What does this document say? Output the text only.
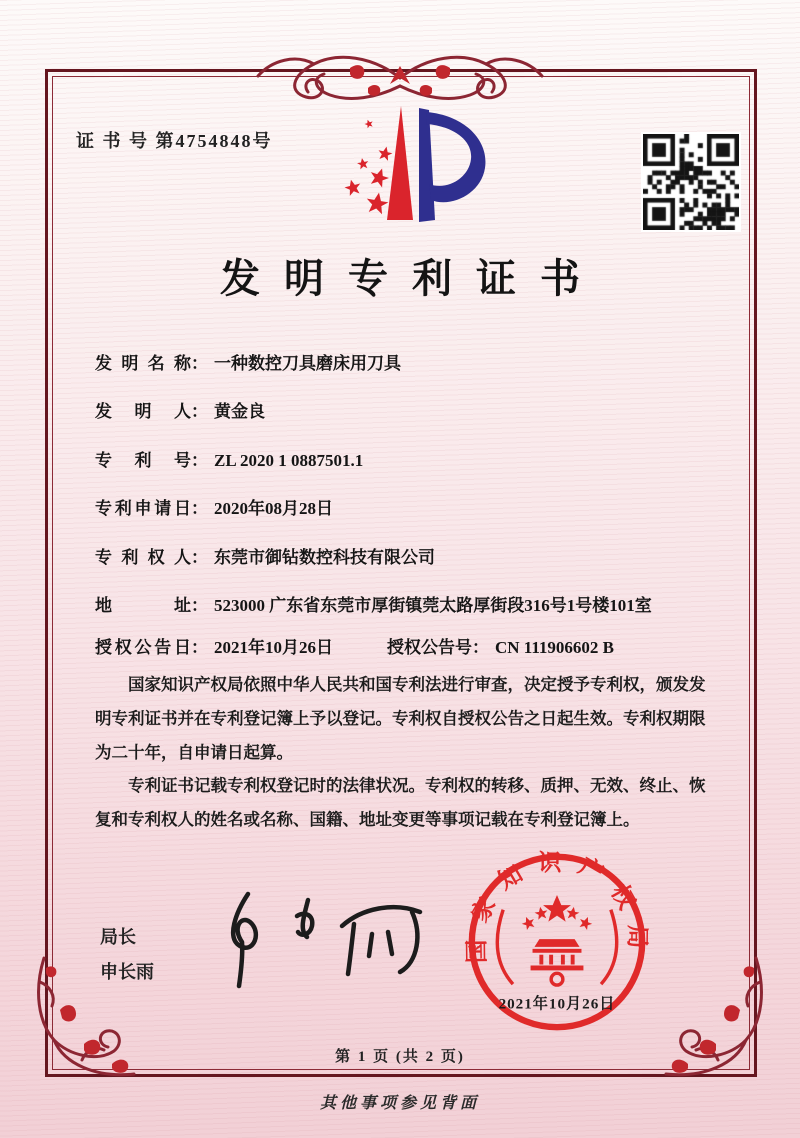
证 书 号 第4754848号
发明专利证书
发明名称 ： 一种数控刀具磨床用刀具
发明人 ： 黄金良
专利号 ： ZL 2020 1 0887501.1
专利申请日 ： 2020年08月28日
专利权人 ： 东莞市御钻数控科技有限公司
地址 ： 523000 广东省东莞市厚街镇莞太路厚街段316号1号楼101室
授权公告日 ： 2021年10月26日	授权公告号 ： CN 111906602 B

国家知识产权局依照中华人民共和国专利法进行审查，决定授予专利权，颁发发明专利证书并在专利登记簿上予以登记。专利权自授权公告之日起生效。专利权期限为二十年，自申请日起算。

专利证书记载专利权登记时的法律状况。专利权的转移、质押、无效、终止、恢复和专利权人的姓名或名称、国籍、地址变更等事项记载在专利登记簿上。

局长
申长雨
国家知识产权局
2021年10月26日
第 1 页 (共 2 页)
其他事项参见背面
